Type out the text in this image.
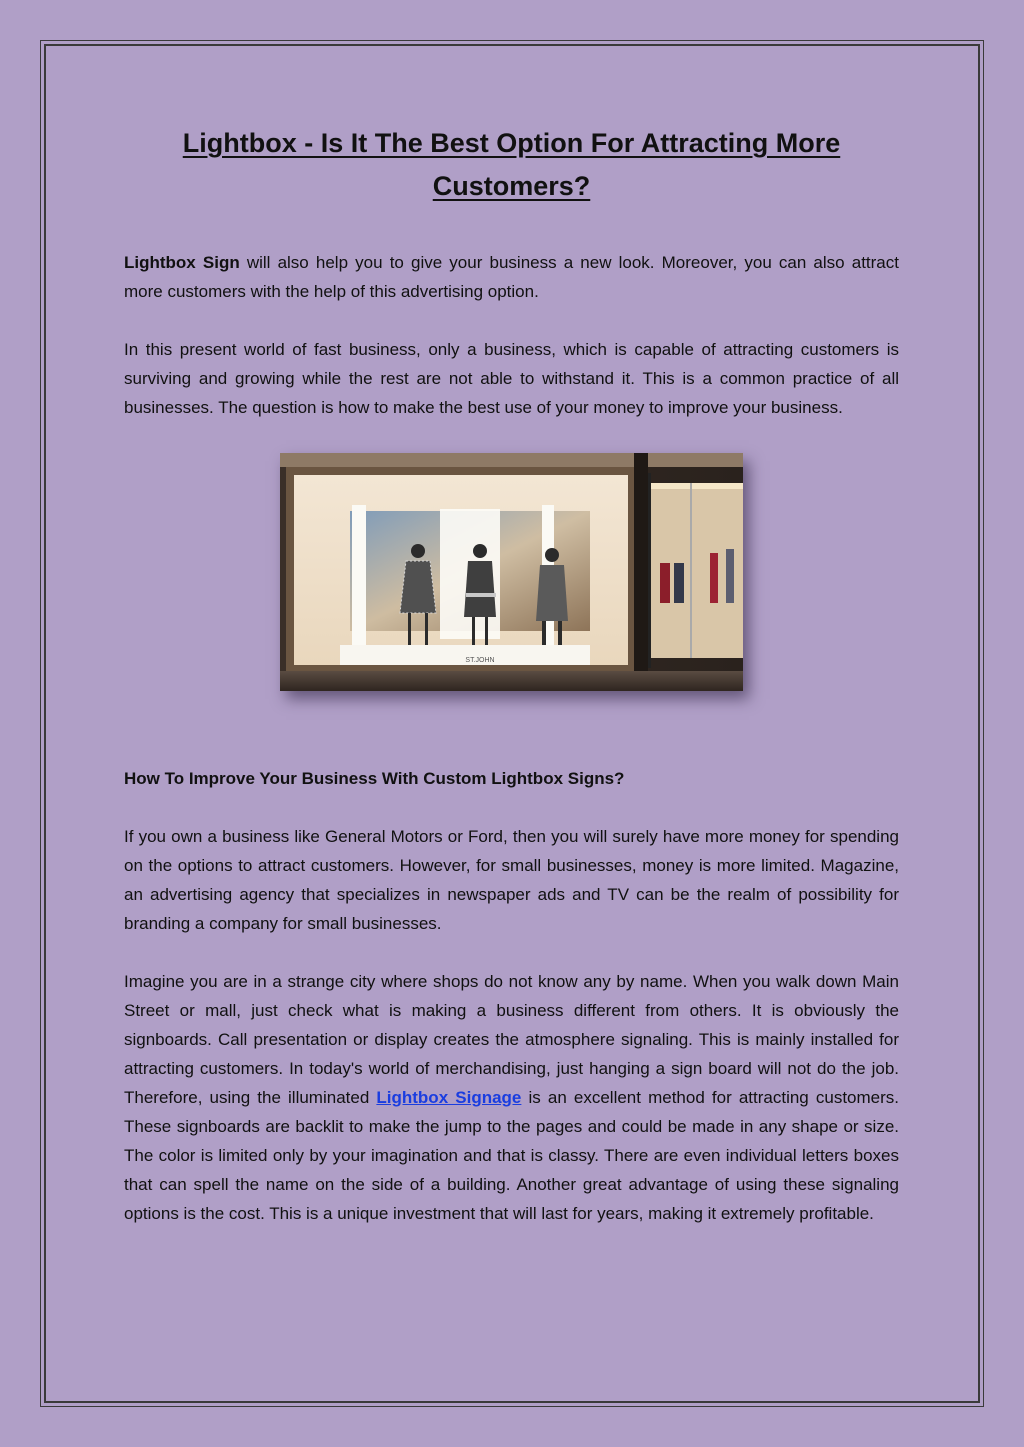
Lightbox - Is It The Best Option For Attracting More Customers?

Lightbox Sign will also help you to give your business a new look. Moreover, you can also attract more customers with the help of this advertising option.

In this present world of fast business, only a business, which is capable of attracting customers is surviving and growing while the rest are not able to withstand it. This is a common practice of all businesses. The question is how to make the best use of your money to improve your business.

ST.JOHN

How To Improve Your Business With Custom Lightbox Signs?

If you own a business like General Motors or Ford, then you will surely have more money for spending on the options to attract customers. However, for small businesses, money is more limited. Magazine, an advertising agency that specializes in newspaper ads and TV can be the realm of possibility for branding a company for small businesses.

Imagine you are in a strange city where shops do not know any by name. When you walk down Main Street or mall, just check what is making a business different from others. It is obviously the signboards. Call presentation or display creates the atmosphere signaling. This is mainly installed for attracting customers. In today's world of merchandising, just hanging a sign board will not do the job. Therefore, using the illuminated Lightbox Signage is an excellent method for attracting customers. These signboards are backlit to make the jump to the pages and could be made in any shape or size. The color is limited only by your imagination and that is classy. There are even individual letters boxes that can spell the name on the side of a building. Another great advantage of using these signaling options is the cost. This is a unique investment that will last for years, making it extremely profitable.
